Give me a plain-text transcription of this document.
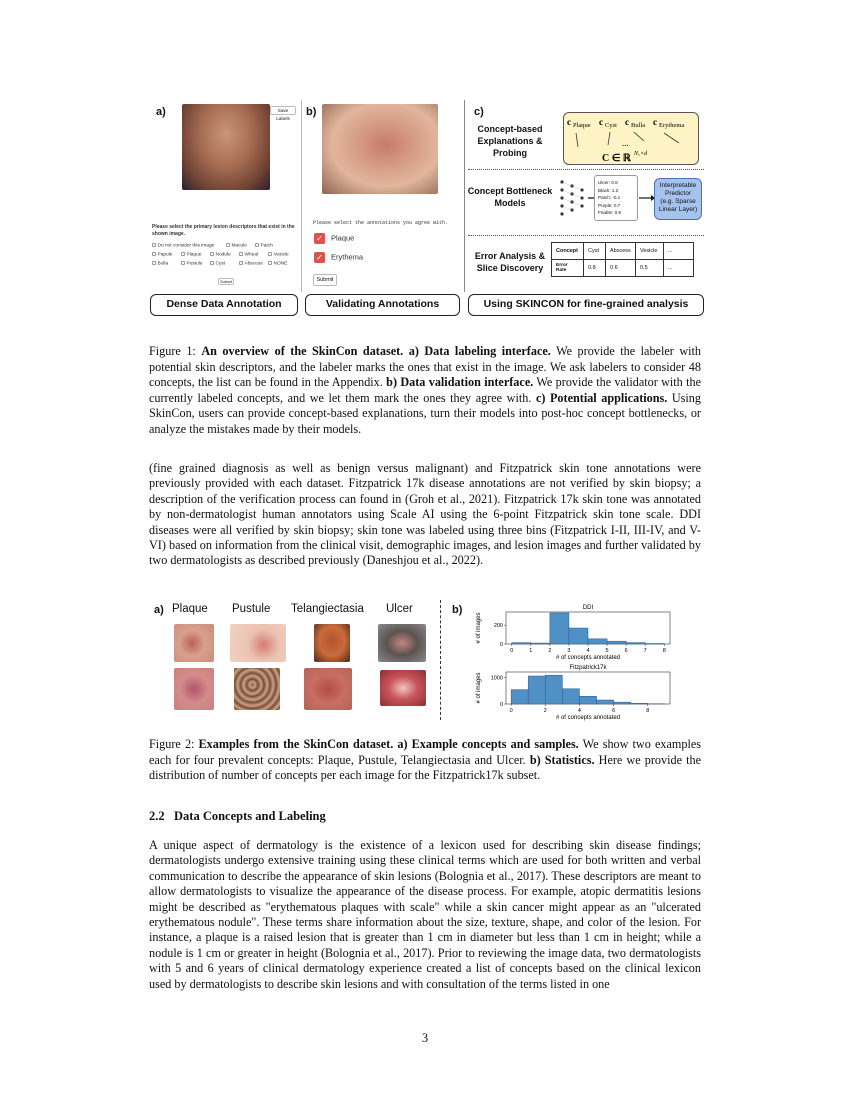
a)	Save Labels
Please select the primary lesion descriptors that exist in the shown image.
Submit
b)
Please select the annotations you agree with.
✓ Plaque
✓ Erythema
Submit
c)
Concept-based Explanations & Probing
c Plaque c Cyst c Bulla c Erythema
...
C ∈ ℝ N꜀×d
Concept Bottleneck Models
Ulcer: 0.8
Black: 1.2
Patch: -0.1
Purple: 0.7
Friable: 0.9
Interpretable
Predictor
(e.g. Sparse
Linear Layer)
Error Analysis & Slice Discovery
Concept	Cyst	Abscess	Vesicle	...
Error Rate	0.8	0.6	0.5	...
Dense Data Annotation	Validating Annotations	Using SKINCON for fine-grained analysis
Do not consider this image	Macule	Patch
Papule	Plaque	Nodule	Wheal	Vesicle
Bulla	Pustule	Cyst	Abscess	NONE
Figure 1: An overview of the SkinCon dataset. a) Data labeling interface. We provide the labeler with potential skin descriptors, and the labeler marks the ones that exist in the image. We ask labelers to consider 48 concepts, the list can be found in the Appendix. b) Data validation interface. We provide the validator with the currently labeled concepts, and we let them mark the ones they agree with. c) Potential applications. Using SkinCon, users can provide concept-based explanations, turn their models into post-hoc concept bottlenecks, or analyze the mistakes made by their models.
(fine grained diagnosis as well as benign versus malignant) and Fitzpatrick skin tone annotations were previously provided with each dataset. Fitzpatrick 17k disease annotations are not verified by skin biopsy; a description of the verification process can found in (Groh et al., 2021). Fitzpatrick 17k skin tone was annotated by non-dermatologist human annotators using Scale AI using the 6-point Fitzpatrick skin tone scale. DDI diseases were all verified by skin biopsy; skin tone was labeled using three bins (Fitzpatrick I-II, III-IV, and V-VI) based on information from the clinical visit, demographic images, and lesion images and further validated by two dermatologists as described previously (Daneshjou et al., 2022).
a) Plaque Pustule Telangiectasia Ulcer	b)	DDI
0	1	2	3	4	5	6	7	8
0
200
# of concepts annotated
# of images
Fitzpatrick17k
0	2	4	6	8
0
1000
# of concepts annotated
# of images
Figure 2: Examples from the SkinCon dataset. a) Example concepts and samples. We show two examples each for four prevalent concepts: Plaque, Pustule, Telangiectasia and Ulcer. b) Statistics. Here we provide the distribution of number of concepts per each image for the Fitzpatrick17k subset.
2.2 Data Concepts and Labeling
A unique aspect of dermatology is the existence of a lexicon used for describing skin disease findings; dermatologists undergo extensive training using these clinical terms which are used for both written and verbal communication to describe the appearance of skin lesions (Bolognia et al., 2017). These descriptors are meant to allow dermatologists to visualize the appearance of the disease process. For example, atopic dermatitis lesions might be described as "erythematous plaques with scale" while a skin cancer might appear as an "ulcerated erythematous nodule". These terms share information about the size, texture, shape, and color of the lesion. For instance, a plaque is a raised lesion that is greater than 1 cm in diameter but less than 1 cm in height; while a nodule is 1 cm or greater in height (Bolognia et al., 2017). Prior to reviewing the image data, two dermatologists with 5 and 6 years of clinical dermatology experience created a list of concepts based on the clinical lexicon used by dermatologists to describe skin lesions and with consultation of the terms listed in one
3
